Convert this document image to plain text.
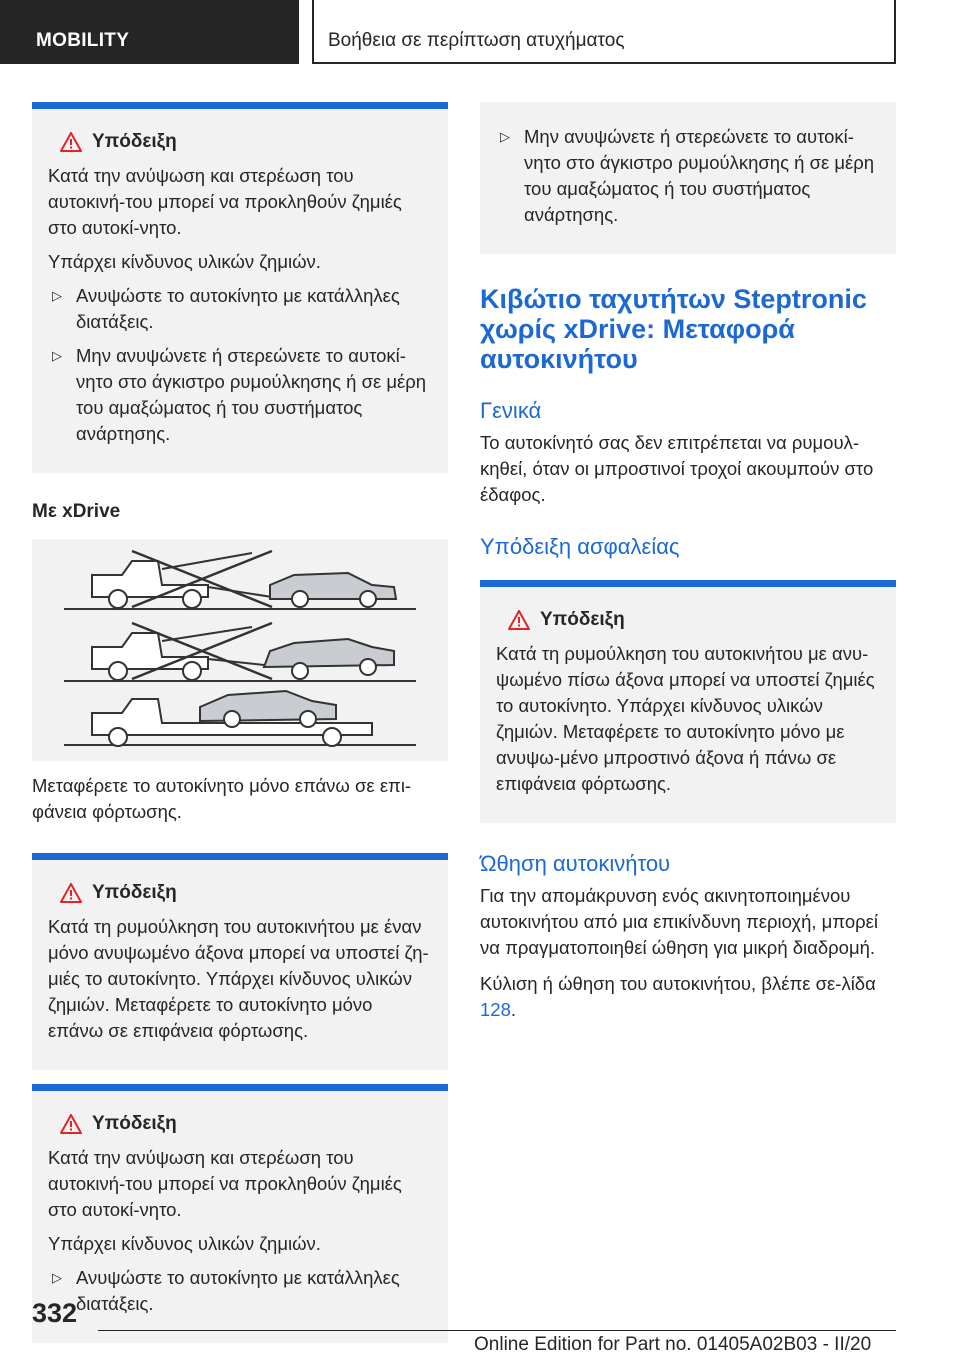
MOBILITY	Βοήθεια σε περίπτωση ατυχήματος
Υπόδειξη

Κατά την ανύψωση και στερέωση του αυτοκινή-του μπορεί να προκληθούν ζημιές στο αυτοκί-νητο.

Υπάρχει κίνδυνος υλικών ζημιών.

▷ Ανυψώστε το αυτοκίνητο με κατάλληλες διατάξεις.
▷ Μην ανυψώνετε ή στερεώνετε το αυτοκί-νητο στο άγκιστρο ρυμούλκησης ή σε μέρη του αμαξώματος ή του συστήματος ανάρτησης.
Με xDrive

Μεταφέρετε το αυτοκίνητο μόνο επάνω σε επι-φάνεια φόρτωσης.

Υπόδειξη

Κατά τη ρυμούλκηση του αυτοκινήτου με έναν μόνο ανυψωμένο άξονα μπορεί να υποστεί ζη-μιές το αυτοκίνητο. Υπάρχει κίνδυνος υλικών ζημιών. Μεταφέρετε το αυτοκίνητο μόνο επάνω σε επιφάνεια φόρτωσης.

Υπόδειξη

Κατά την ανύψωση και στερέωση του αυτοκινή-του μπορεί να προκληθούν ζημιές στο αυτοκί-νητο.

Υπάρχει κίνδυνος υλικών ζημιών.

▷ Ανυψώστε το αυτοκίνητο με κατάλληλες διατάξεις.
▷ Μην ανυψώνετε ή στερεώνετε το αυτοκί-νητο στο άγκιστρο ρυμούλκησης ή σε μέρη του αμαξώματος ή του συστήματος ανάρτησης.
Κιβώτιο ταχυτήτων Steptronic χωρίς xDrive: Μεταφορά αυτοκινήτου
Γενικά

Το αυτοκίνητό σας δεν επιτρέπεται να ρυμουλ-κηθεί, όταν οι μπροστινοί τροχοί ακουμπούν στο έδαφος.

Υπόδειξη ασφαλείας
Υπόδειξη

Κατά τη ρυμούλκηση του αυτοκινήτου με ανυ-ψωμένο πίσω άξονα μπορεί να υποστεί ζημιές το αυτοκίνητο. Υπάρχει κίνδυνος υλικών ζημιών. Μεταφέρετε το αυτοκίνητο μόνο με ανυψω-μένο μπροστινό άξονα ή πάνω σε επιφάνεια φόρτωσης.

Ώθηση αυτοκινήτου

Για την απομάκρυνση ενός ακινητοποιημένου αυτοκινήτου από μια επικίνδυνη περιοχή, μπορεί να πραγματοποιηθεί ώθηση για μικρή διαδρομή.

Κύλιση ή ώθηση του αυτοκινήτου, βλέπε σε-λίδα 128.

332
Online Edition for Part no. 01405A02B03 - II/20
